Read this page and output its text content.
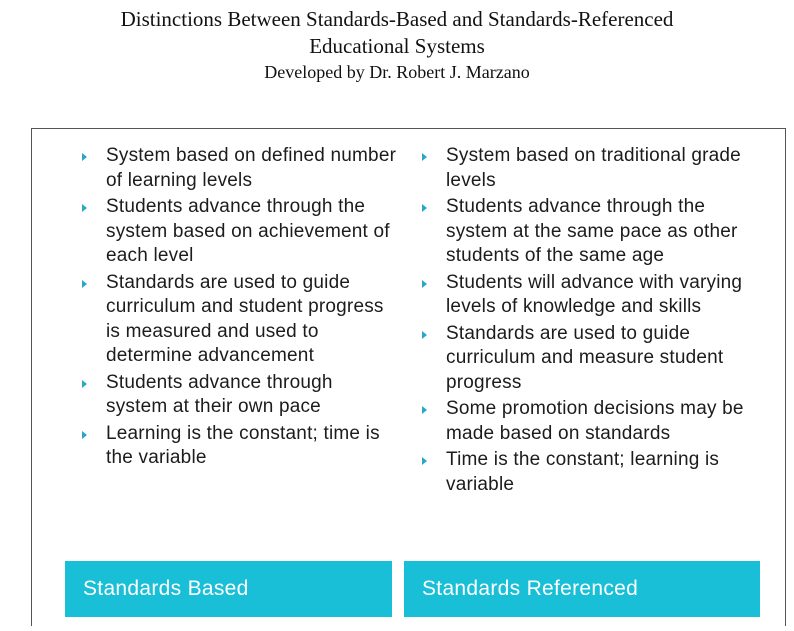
Distinctions Between Standards-Based and Standards-Referenced
Educational Systems
Developed by Dr. Robert J. Marzano
System based on defined number of learning levels
Students advance through the system based on achievement of each level
Standards are used to guide curriculum and student progress is measured and used to determine advancement
Students advance through system at their own pace
Learning is the constant; time is the variable
System based on traditional grade levels
Students advance through the system at the same pace as other students of the same age
Students will advance with varying levels of knowledge and skills
Standards are used to guide curriculum and measure student progress
Some promotion decisions may be made based on standards
Time is the constant; learning is variable
Standards Based	Standards Referenced
